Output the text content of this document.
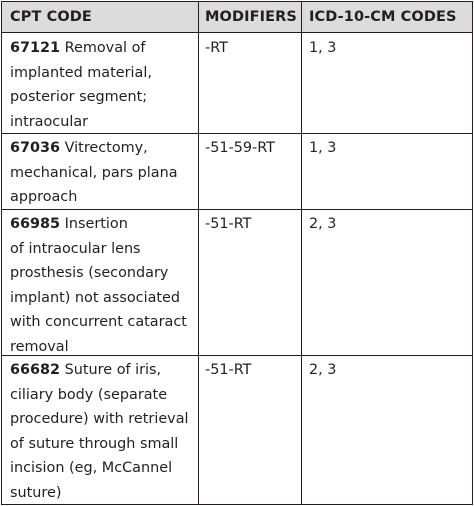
CPT CODE	MODIFIERS ICD-10-CM CODES
67121 Removal of
implanted material,
posterior segment;
intraocular
-RT	1, 3
67036 Vitrectomy,
mechanical, pars plana
approach
-51-59-RT 1, 3
66985 Insertion
of intraocular lens
prosthesis (secondary
implant) not associated
with concurrent cataract
removal
-51-RT	2, 3
66682 Suture of iris,
ciliary body (separate
procedure) with retrieval
of suture through small
incision (eg, McCannel
suture)
-51-RT	2, 3
